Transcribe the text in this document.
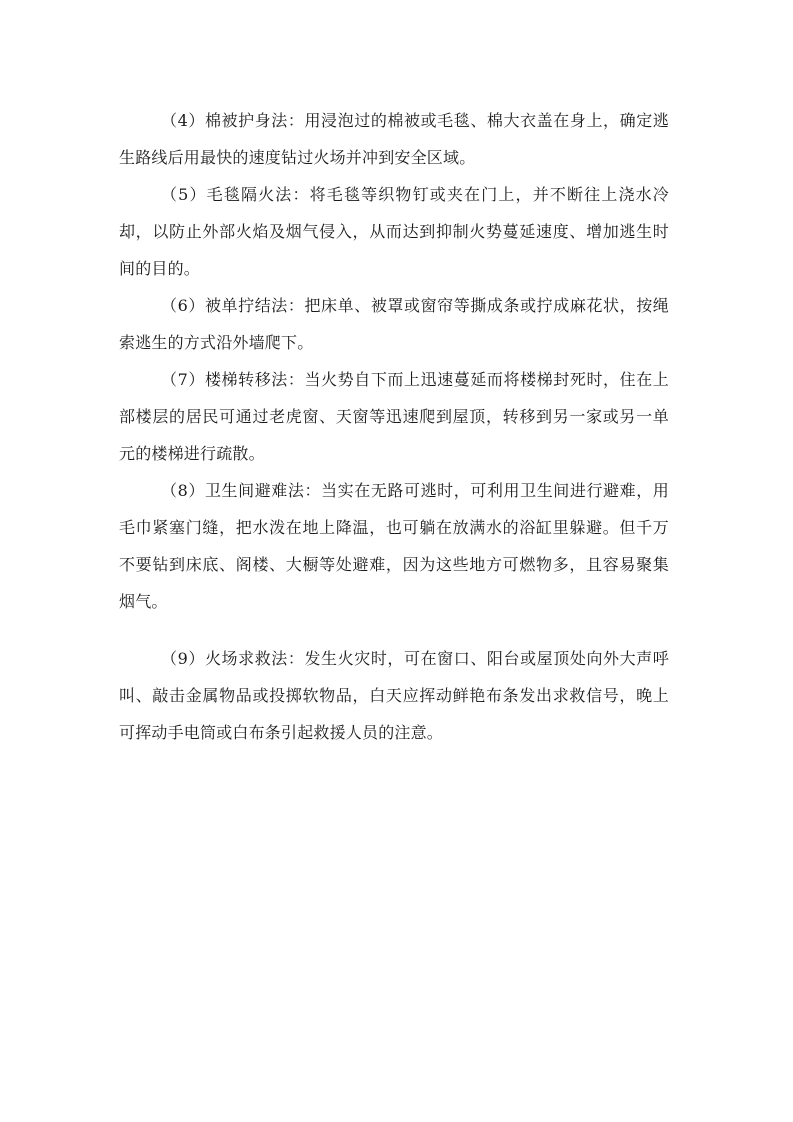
（4）棉被护身法：用浸泡过的棉被或毛毯、棉大衣盖在身上，确定逃生路线后用最快的速度钻过火场并冲到安全区域。

（5）毛毯隔火法：将毛毯等织物钉或夹在门上，并不断往上浇水冷却，以防止外部火焰及烟气侵入，从而达到抑制火势蔓延速度、增加逃生时间的目的。

（6）被单拧结法：把床单、被罩或窗帘等撕成条或拧成麻花状，按绳索逃生的方式沿外墙爬下。

（7）楼梯转移法：当火势自下而上迅速蔓延而将楼梯封死时，住在上部楼层的居民可通过老虎窗、天窗等迅速爬到屋顶，转移到另一家或另一单元的楼梯进行疏散。

（8）卫生间避难法：当实在无路可逃时，可利用卫生间进行避难，用毛巾紧塞门缝，把水泼在地上降温，也可躺在放满水的浴缸里躲避。但千万不要钻到床底、阁楼、大橱等处避难，因为这些地方可燃物多，且容易聚集烟气。

（9）火场求救法：发生火灾时，可在窗口、阳台或屋顶处向外大声呼叫、敲击金属物品或投掷软物品，白天应挥动鲜艳布条发出求救信号，晚上可挥动手电筒或白布条引起救援人员的注意。
